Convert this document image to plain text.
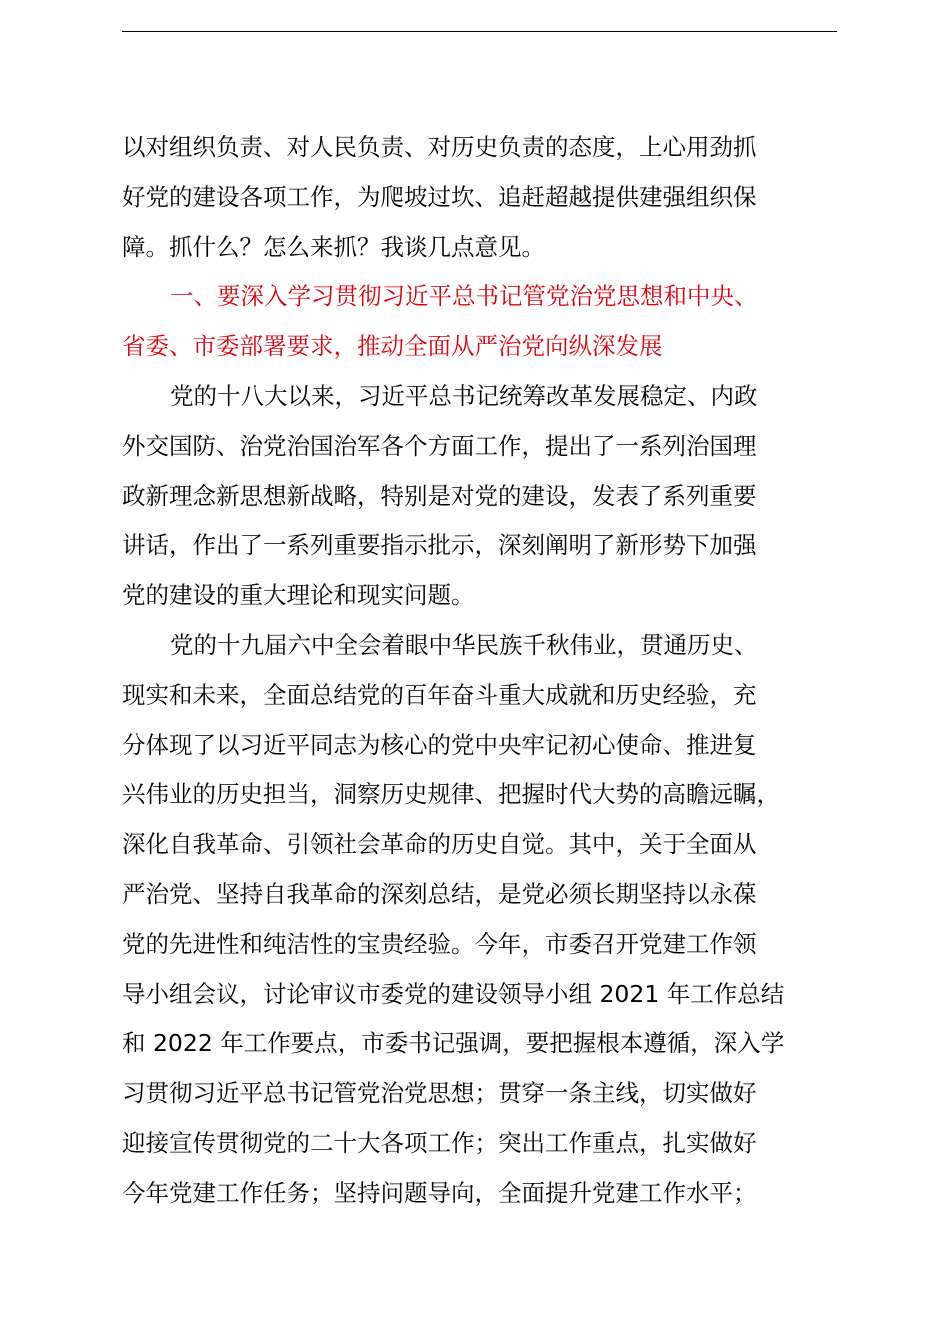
以对组织负责、对人民负责、对历史负责的态度，上心用劲抓
好党的建设各项工作，为爬坡过坎、追赶超越提供建强组织保
障。抓什么？怎么来抓？我谈几点意见。
一、要深入学习贯彻习近平总书记管党治党思想和中央、
省委、市委部署要求，推动全面从严治党向纵深发展
党的十八大以来，习近平总书记统筹改革发展稳定、内政
外交国防、治党治国治军各个方面工作，提出了一系列治国理
政新理念新思想新战略，特别是对党的建设，发表了系列重要
讲话，作出了一系列重要指示批示，深刻阐明了新形势下加强
党的建设的重大理论和现实问题。
党的十九届六中全会着眼中华民族千秋伟业，贯通历史、
现实和未来，全面总结党的百年奋斗重大成就和历史经验，充
分体现了以习近平同志为核心的党中央牢记初心使命、推进复
兴伟业的历史担当，洞察历史规律、把握时代大势的高瞻远瞩，
深化自我革命、引领社会革命的历史自觉。其中，关于全面从
严治党、坚持自我革命的深刻总结，是党必须长期坚持以永葆
党的先进性和纯洁性的宝贵经验。今年，市委召开党建工作领
导小组会议，讨论审议市委党的建设领导小组 2021 年工作总结
和 2022 年工作要点，市委书记强调，要把握根本遵循，深入学
习贯彻习近平总书记管党治党思想；贯穿一条主线，切实做好
迎接宣传贯彻党的二十大各项工作；突出工作重点，扎实做好
今年党建工作任务；坚持问题导向，全面提升党建工作水平；
